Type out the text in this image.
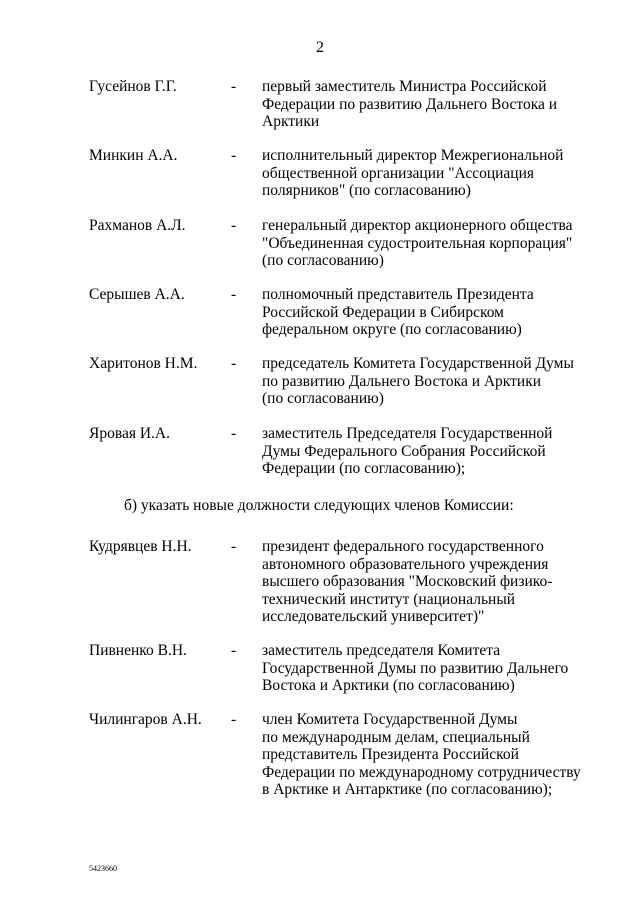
2
Гусейнов Г.Г.	- первый заместитель Министра Российской
Федерации по развитию Дальнего Востока и
Арктики
Минкин А.А.	- исполнительный директор Межрегиональной
общественной организации "Ассоциация
полярников" (по согласованию)
Рахманов А.Л.	- генеральный директор акционерного общества
"Объединенная судостроительная корпорация"
(по согласованию)
Серышев А.А.	- полномочный представитель Президента
Российской Федерации в Сибирском
федеральном округе (по согласованию)
Харитонов Н.М. - председатель Комитета Государственной Думы
по развитию Дальнего Востока и Арктики
(по согласованию)
Яровая И.А.	- заместитель Председателя Государственной
Думы Федерального Собрания Российской
Федерации (по согласованию);
Кудрявцев Н.Н.	- президент федерального государственного
автономного образовательного учреждения
высшего образования "Московский физико-
технический институт (национальный
исследовательский университет)"
Пивненко В.Н.	- заместитель председателя Комитета
Государственной Думы по развитию Дальнего
Востока и Арктики (по согласованию)
Чилингаров А.Н. - член Комитета Государственной Думы
по международным делам, специальный
представитель Президента Российской
Федерации по международному сотрудничеству
в Арктике и Антарктике (по согласованию);
б) указать новые должности следующих членов Комиссии:
5423660
